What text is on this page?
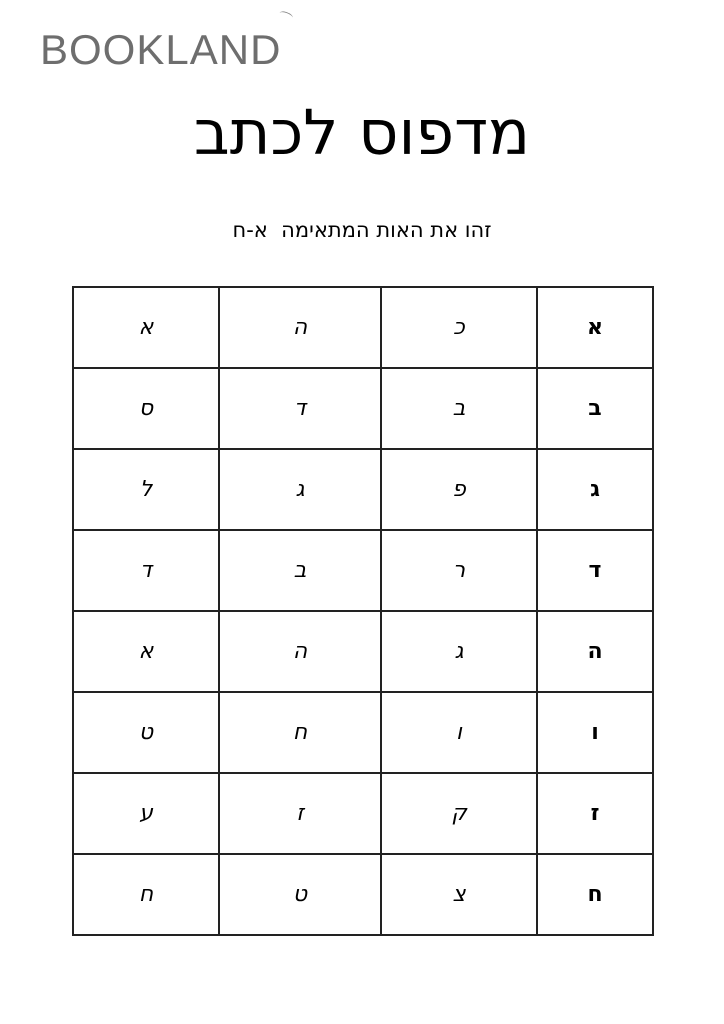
BOOKLAND
מדפוס לכתב
זהו את האות המתאימה  א-ח
א	כ	ה	א
ב	ב	ד	ס
ג	פ	ג	ל
ד	ר	ב	ד
ה	ג	ה	א
ו	ו	ח	ט
ז	ק	ז	ע
ח	צ	ט	ח
